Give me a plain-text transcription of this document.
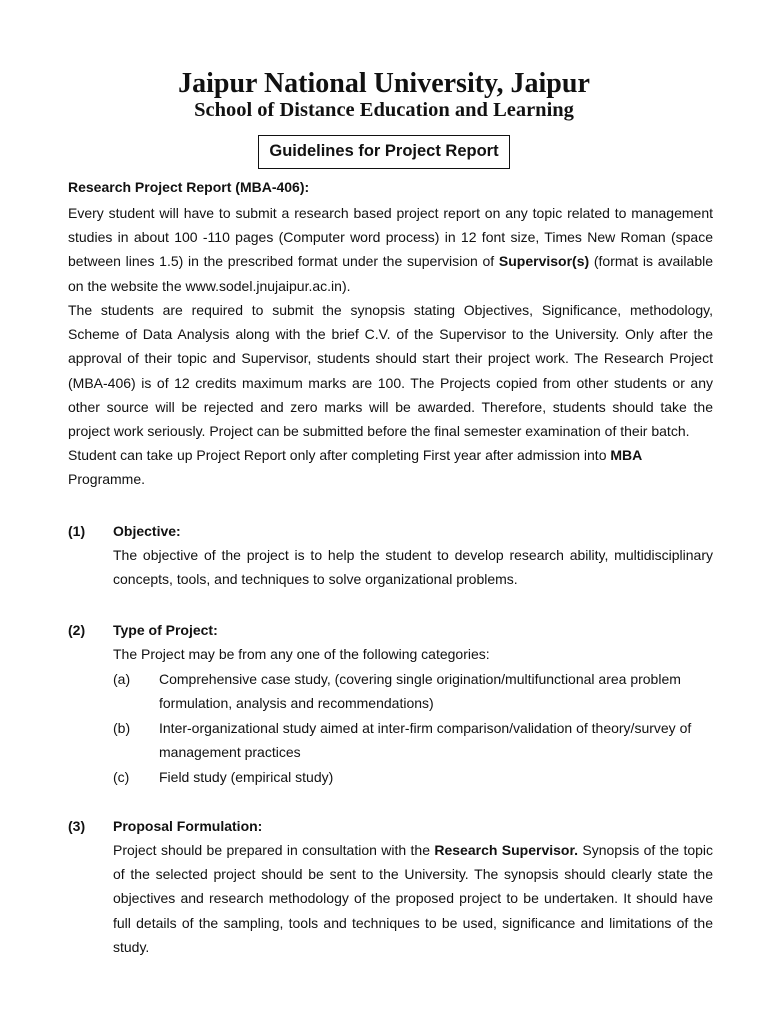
Jaipur National University, Jaipur
School of Distance Education and Learning
Guidelines for Project Report
Research Project Report (MBA-406):

Every student will have to submit a research based project report on any topic related to management studies in about 100 -110 pages (Computer word process) in 12 font size, Times New Roman (space between lines 1.5) in the prescribed format under the supervision of Supervisor(s) (format is available on the website the www.sodel.jnujaipur.ac.in).

The students are required to submit the synopsis stating Objectives, Significance, methodology, Scheme of Data Analysis along with the brief C.V. of the Supervisor to the University. Only after the approval of their topic and Supervisor, students should start their project work. The Research Project (MBA-406) is of 12 credits maximum marks are 100. The Projects copied from other students or any other source will be rejected and zero marks will be awarded. Therefore, students should take the project work seriously. Project can be submitted before the final semester examination of their batch.

Student can take up Project Report only after completing First year after admission into MBA Programme.

(1) Objective:

The objective of the project is to help the student to develop research ability, multidisciplinary concepts, tools, and techniques to solve organizational problems.

(2) Type of Project:

The Project may be from any one of the following categories:

(a) Comprehensive case study, (covering single origination/multifunctional area problem formulation, analysis and recommendations)

(b) Inter-organizational study aimed at inter-firm comparison/validation of theory/survey of management practices

(c) Field study (empirical study)

(3) Proposal Formulation:

Project should be prepared in consultation with the Research Supervisor. Synopsis of the topic of the selected project should be sent to the University. The synopsis should clearly state the objectives and research methodology of the proposed project to be undertaken. It should have full details of the sampling, tools and techniques to be used, significance and limitations of the study.
